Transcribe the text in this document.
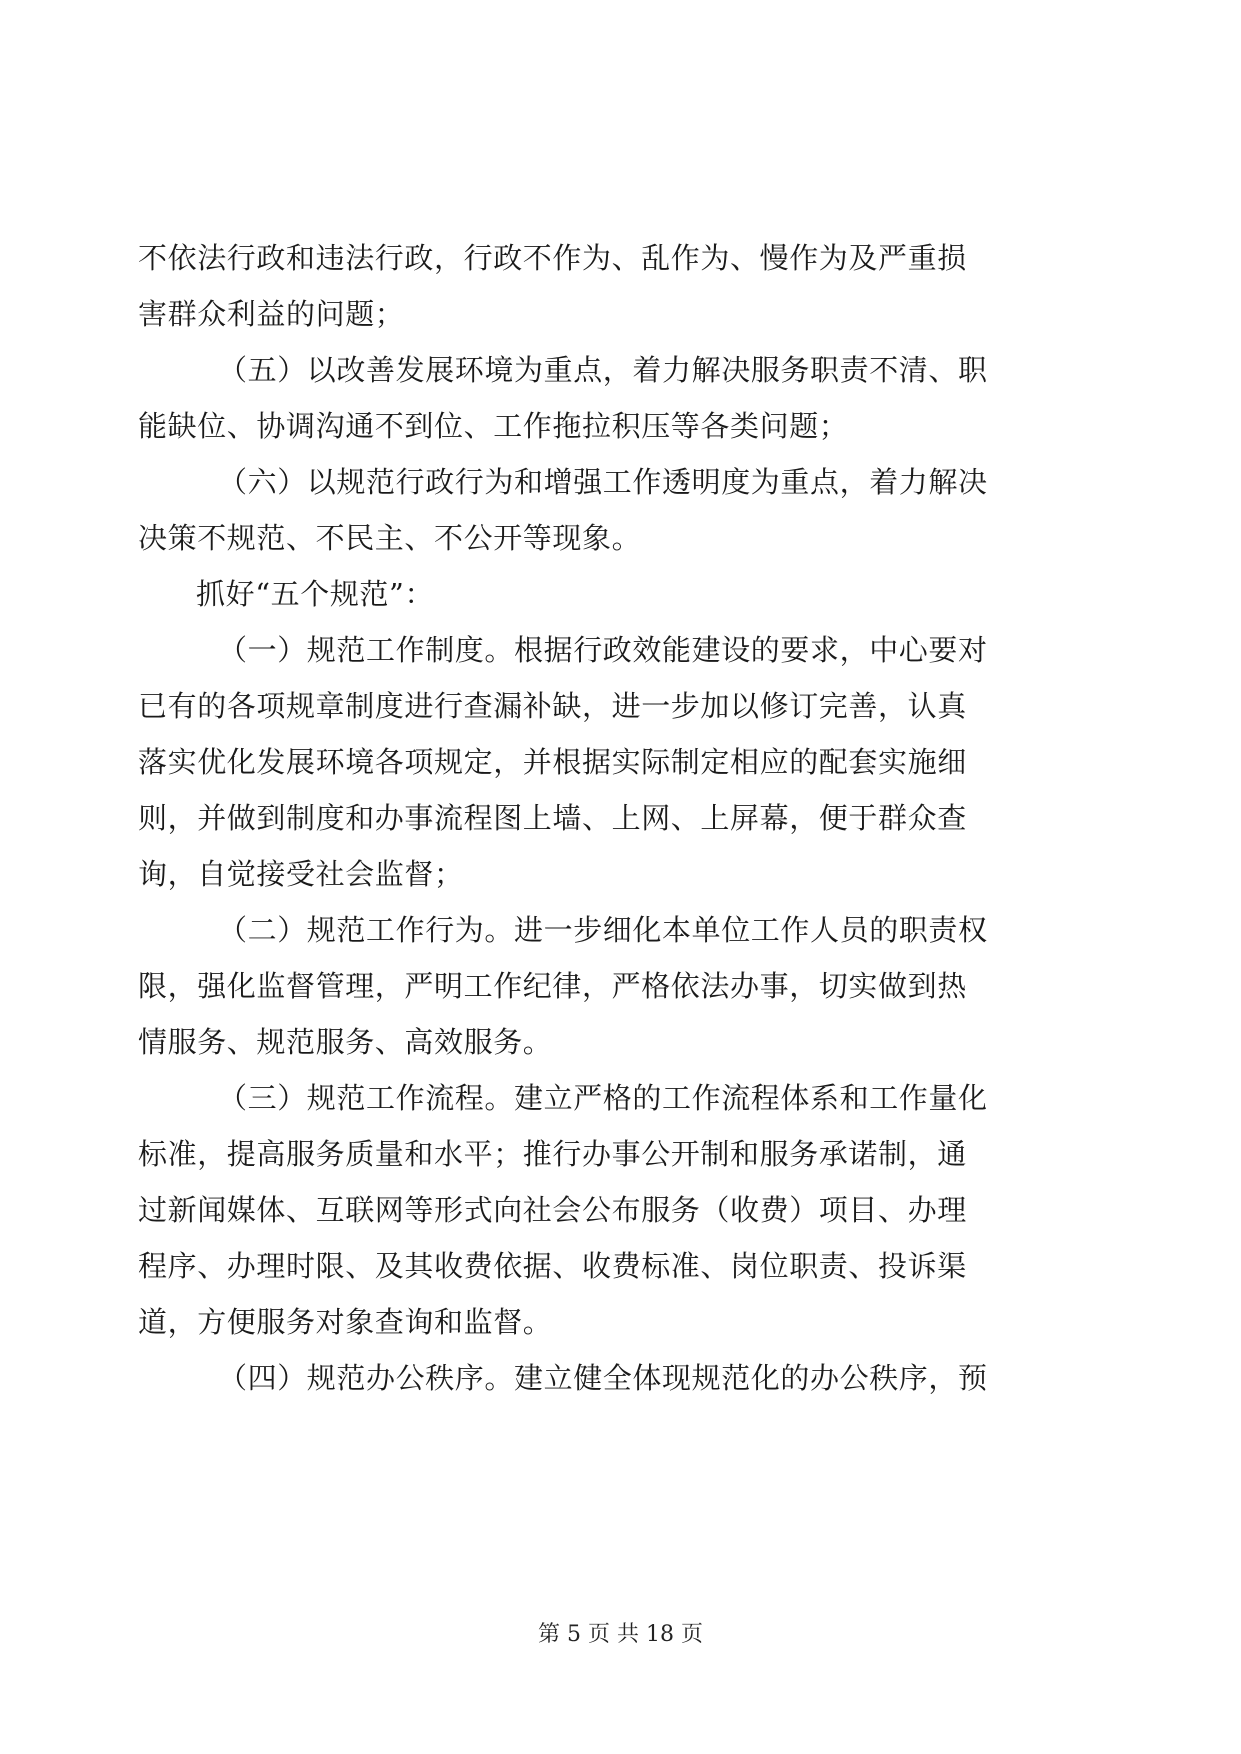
不依法行政和违法行政，行政不作为、乱作为、慢作为及严重损
害群众利益的问题；
（五）以改善发展环境为重点，着力解决服务职责不清、职
能缺位、协调沟通不到位、工作拖拉积压等各类问题；
（六）以规范行政行为和增强工作透明度为重点，着力解决
决策不规范、不民主、不公开等现象。
抓好“五个规范”：
（一）规范工作制度。根据行政效能建设的要求，中心要对
已有的各项规章制度进行查漏补缺，进一步加以修订完善，认真
落实优化发展环境各项规定，并根据实际制定相应的配套实施细
则，并做到制度和办事流程图上墙、上网、上屏幕，便于群众查
询，自觉接受社会监督；
（二）规范工作行为。进一步细化本单位工作人员的职责权
限，强化监督管理，严明工作纪律，严格依法办事，切实做到热
情服务、规范服务、高效服务。
（三）规范工作流程。建立严格的工作流程体系和工作量化
标准，提高服务质量和水平；推行办事公开制和服务承诺制，通
过新闻媒体、互联网等形式向社会公布服务（收费）项目、办理
程序、办理时限、及其收费依据、收费标准、岗位职责、投诉渠
道，方便服务对象查询和监督。
（四）规范办公秩序。建立健全体现规范化的办公秩序，预
第 5 页 共 18 页
